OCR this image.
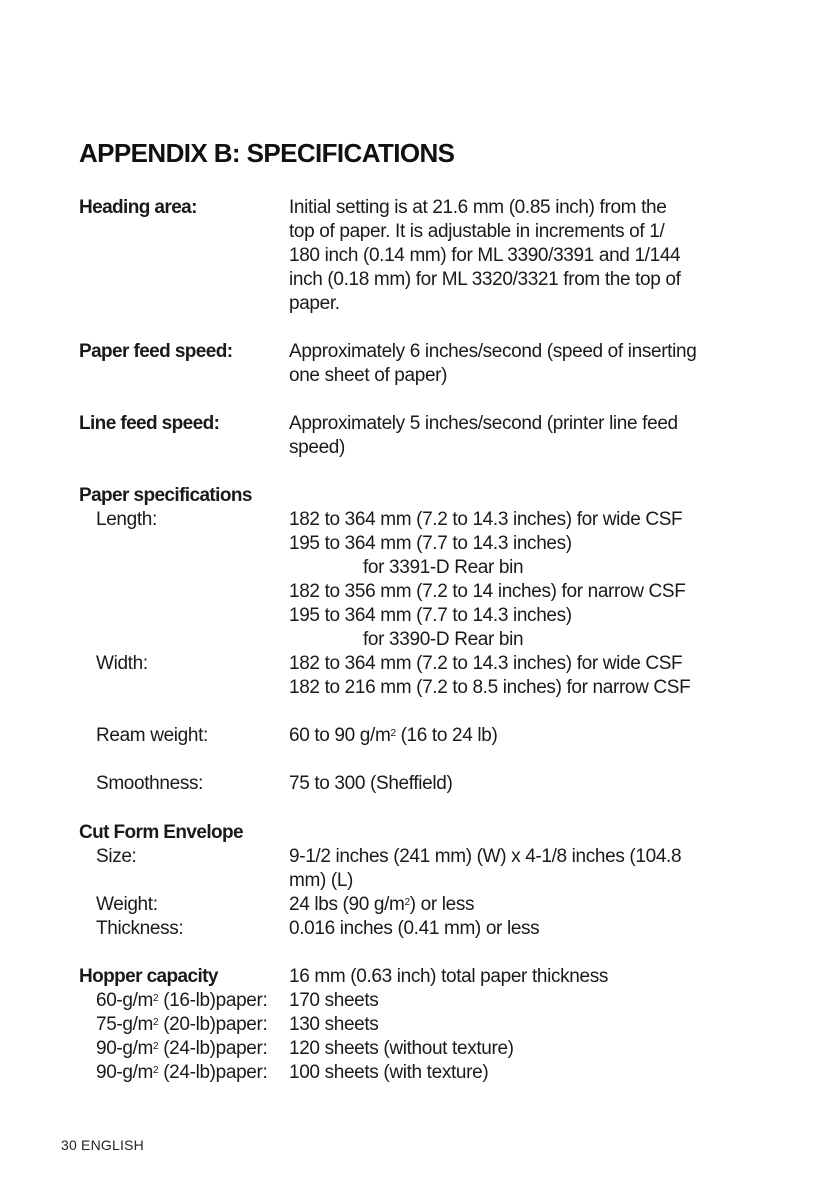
APPENDIX B: SPECIFICATIONS
Heading area:	Initial setting is at 21.6 mm (0.85 inch) from the
top of paper. It is adjustable in increments of 1/
180 inch (0.14 mm) for ML 3390/3391 and 1/144
inch (0.18 mm) for ML 3320/3321 from the top of
paper.
Paper feed speed:	Approximately 6 inches/second (speed of inserting
one sheet of paper)
Line feed speed:	Approximately 5 inches/second (printer line feed
speed)
Paper specifications
Length:	182 to 364 mm (7.2 to 14.3 inches) for wide CSF
195 to 364 mm (7.7 to 14.3 inches)
for 3391-D Rear bin
182 to 356 mm (7.2 to 14 inches) for narrow CSF
195 to 364 mm (7.7 to 14.3 inches)
for 3390-D Rear bin
Width:	182 to 364 mm (7.2 to 14.3 inches) for wide CSF
182 to 216 mm (7.2 to 8.5 inches) for narrow CSF
Ream weight:	60 to 90 $g/m^2$ (16 to 24 lb)
Smoothness:	75 to 300 (Sheffield)
Cut Form Envelope
Size:	9-1/2 inches (241 mm) (W) x 4-1/8 inches (104.8
mm) (L)
Weight:	24 lbs (90 $g/m^2$) or less
Thickness:	0.016 inches (0.41 mm) or less
Hopper capacity	16 mm (0.63 inch) total paper thickness
$60-g/m^2$ (16-lb)paper: 170 sheets
$75-g/m^2$ (20-lb)paper: 130 sheets
$90-g/m^2$ (24-lb)paper: 120 sheets (without texture)
$90-g/m^2$ (24-lb)paper: 100 sheets (with texture)
30 ENGLISH
